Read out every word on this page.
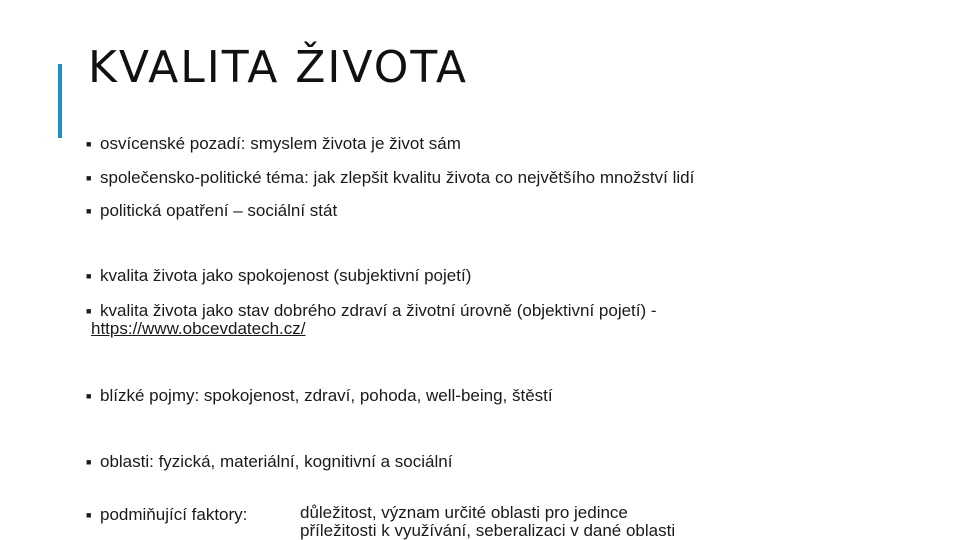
KVALITA ŽIVOTA
■ osvícenské pozadí: smyslem života je život sám
■ společensko-politické téma: jak zlepšit kvalitu života co největšího množství lidí
■ politická opatření – sociální stát
■ kvalita života jako spokojenost (subjektivní pojetí)
■ kvalita života jako stav dobrého zdraví a životní úrovně (objektivní pojetí) -
https://www.obcevdatech.cz/
■ blízké pojmy: spokojenost, zdraví, pohoda, well-being, štěstí
■ oblasti: fyzická, materiální, kognitivní a sociální
■ podmiňující faktory:	důležitost, význam určité oblasti pro jedince
příležitosti k využívání, seberalizaci v dané oblasti
